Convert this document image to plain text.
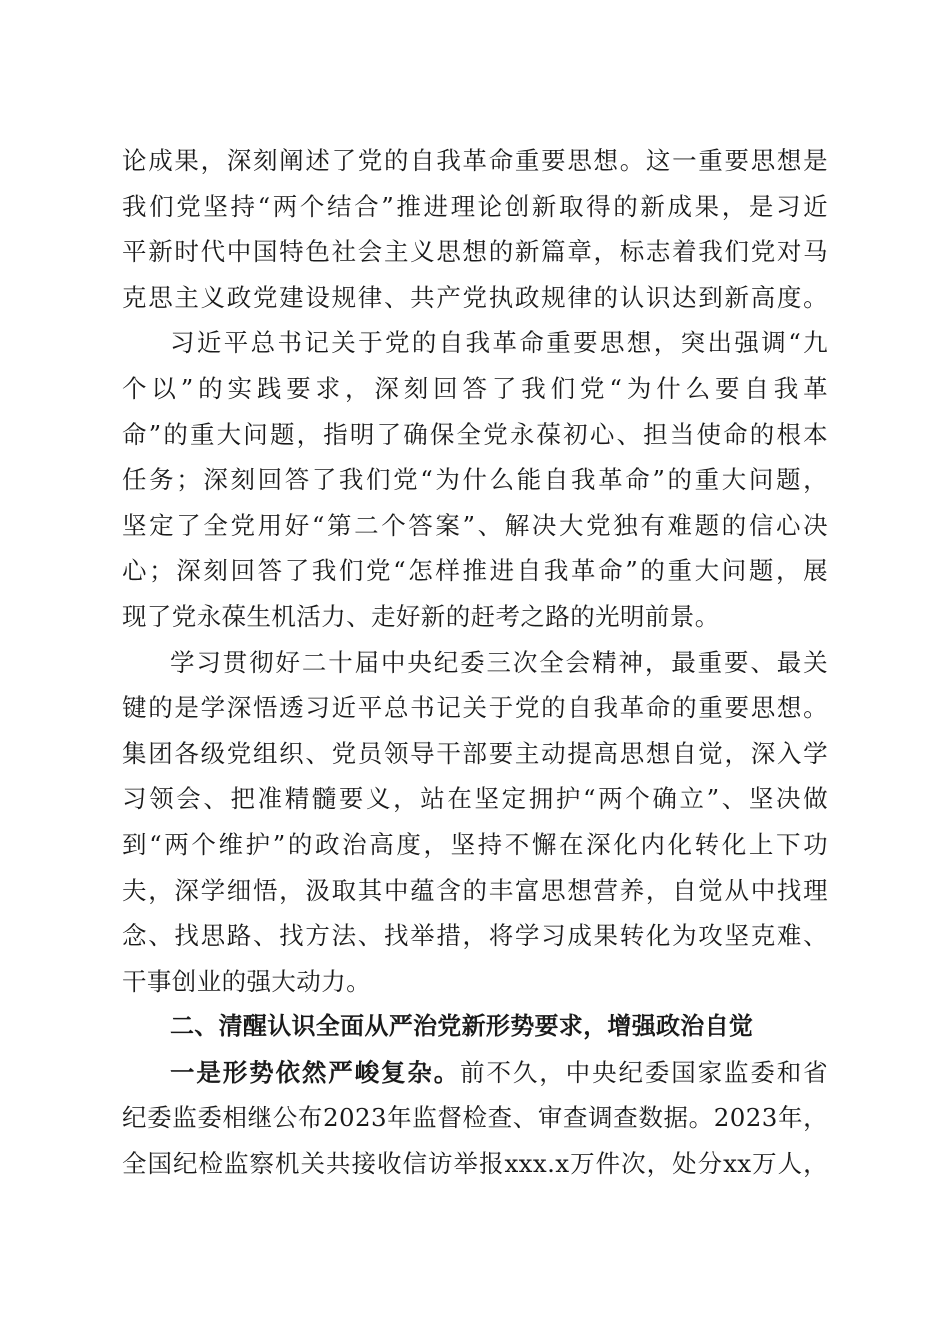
论成果，深刻阐述了党的自我革命重要思想。这一重要思想是
我们党坚持“两个结合”推进理论创新取得的新成果，是习近
平新时代中国特色社会主义思想的新篇章，标志着我们党对马
克思主义政党建设规律、共产党执政规律的认识达到新高度。

习近平总书记关于党的自我革命重要思想，突出强调“九
个以”的实践要求，深刻回答了我们党“为什么要自我革
命”的重大问题，指明了确保全党永葆初心、担当使命的根本
任务；深刻回答了我们党“为什么能自我革命”的重大问题，
坚定了全党用好“第二个答案”、解决大党独有难题的信心决
心；深刻回答了我们党“怎样推进自我革命”的重大问题，展
现了党永葆生机活力、走好新的赶考之路的光明前景。

学习贯彻好二十届中央纪委三次全会精神，最重要、最关
键的是学深悟透习近平总书记关于党的自我革命的重要思想。
集团各级党组织、党员领导干部要主动提高思想自觉，深入学
习领会、把准精髓要义，站在坚定拥护“两个确立”、坚决做
到“两个维护”的政治高度，坚持不懈在深化内化转化上下功
夫，深学细悟，汲取其中蕴含的丰富思想营养，自觉从中找理
念、找思路、找方法、找举措，将学习成果转化为攻坚克难、
干事创业的强大动力。

二、清醒认识全面从严治党新形势要求，增强政治自觉

一是形势依然严峻复杂。前不久，中央纪委国家监委和省
纪委监委相继公布2023年监督检查、审查调查数据。2023年，
全国纪检监察机关共接收信访举报xxx.x万件次，处分xx万人，
